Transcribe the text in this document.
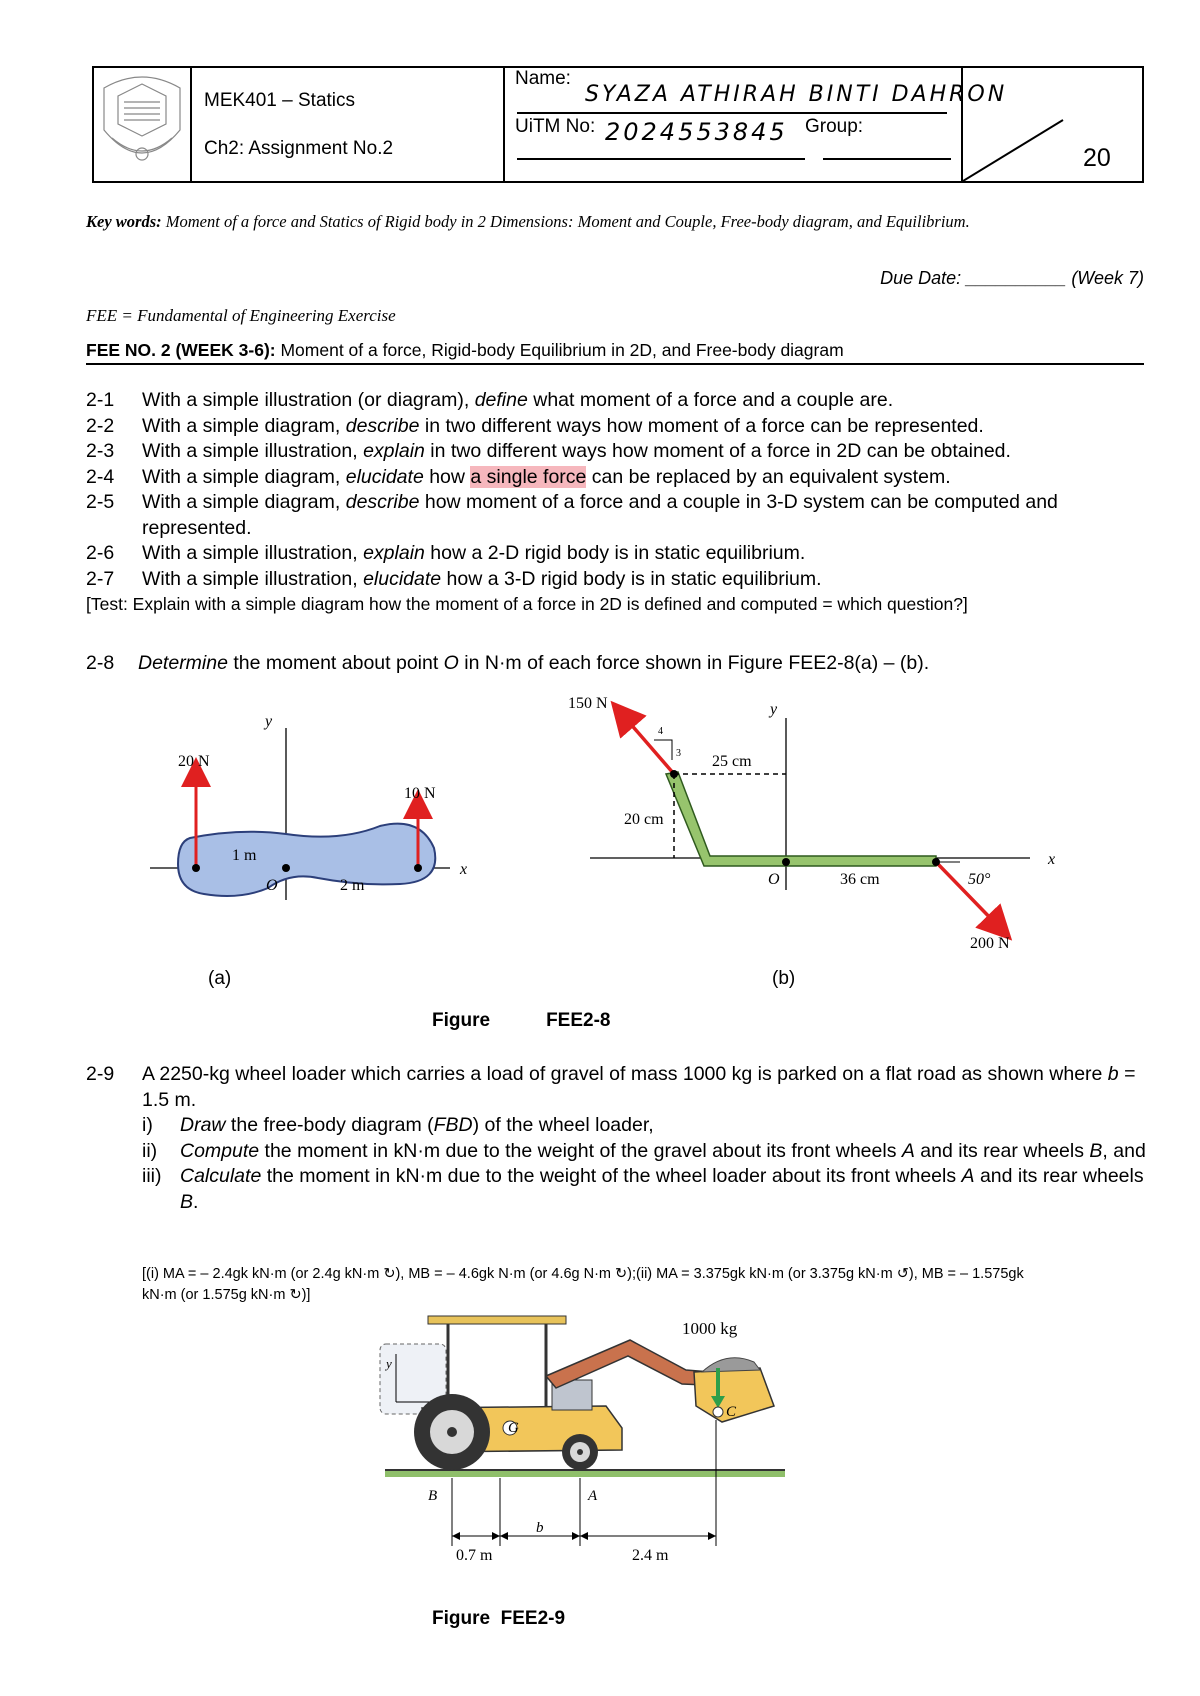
MEK401 – Statics
Ch2: Assignment No.2
Name:
SYAZA ATHIRAH BINTI DAHRON
UiTM No: 2024553845 Group:
20
Key words: Moment of a force and Statics of Rigid body in 2 Dimensions: Moment and Couple, Free-body diagram, and Equilibrium.
Due Date: __________ (Week 7)
FEE = Fundamental of Engineering Exercise
FEE NO. 2 (WEEK 3-6): Moment of a force, Rigid-body Equilibrium in 2D, and Free-body diagram
2-1 With a simple illustration (or diagram), define what moment of a force and a couple are.
2-2 With a simple diagram, describe in two different ways how moment of a force can be represented.
2-3 With a simple illustration, explain in two different ways how moment of a force in 2D can be obtained.
2-4 With a simple diagram, elucidate how a single force can be replaced by an equivalent system.
2-5 With a simple diagram, describe how moment of a force and a couple in 3-D system can be computed and represented.
2-6 With a simple illustration, explain how a 2-D rigid body is in static equilibrium.
2-7 With a simple illustration, elucidate how a 3-D rigid body is in static equilibrium.
[Test: Explain with a simple diagram how the moment of a force in 2D is defined and computed = which question?]
2-8 Determine the moment about point O in N·m of each force shown in Figure FEE2-8(a) – (b).
y
x
20 N
10 N
1 m
2 m
O
(a)
150 N
4
3 25 cm
20 cm
y
x
O	36 cm	50°
200 N
(b)
Figure	FEE2-8
2-9 A 2250-kg wheel loader which carries a load of gravel of mass 1000 kg is parked on a flat road as shown where b = 1.5 m.
i) Draw the free-body diagram (FBD) of the wheel loader,
ii) Compute the moment in kN·m due to the weight of the gravel about its front wheels A and its rear wheels B, and
iii) Calculate the moment in kN·m due to the weight of the wheel loader about its front wheels A and its rear wheels B.
[(i) MA = – 2.4gk kN·m (or 2.4g kN·m ↻), MB = – 4.6gk N·m (or 4.6g N·m ↻);(ii) MA = 3.375gk kN·m (or 3.375g kN·m ↺), MB = – 1.575gk
kN·m (or 1.575g kN·m ↻)]
y
1000 kg
G
C
B	A
b
0.7 m	2.4 m
Figure  FEE2-9
